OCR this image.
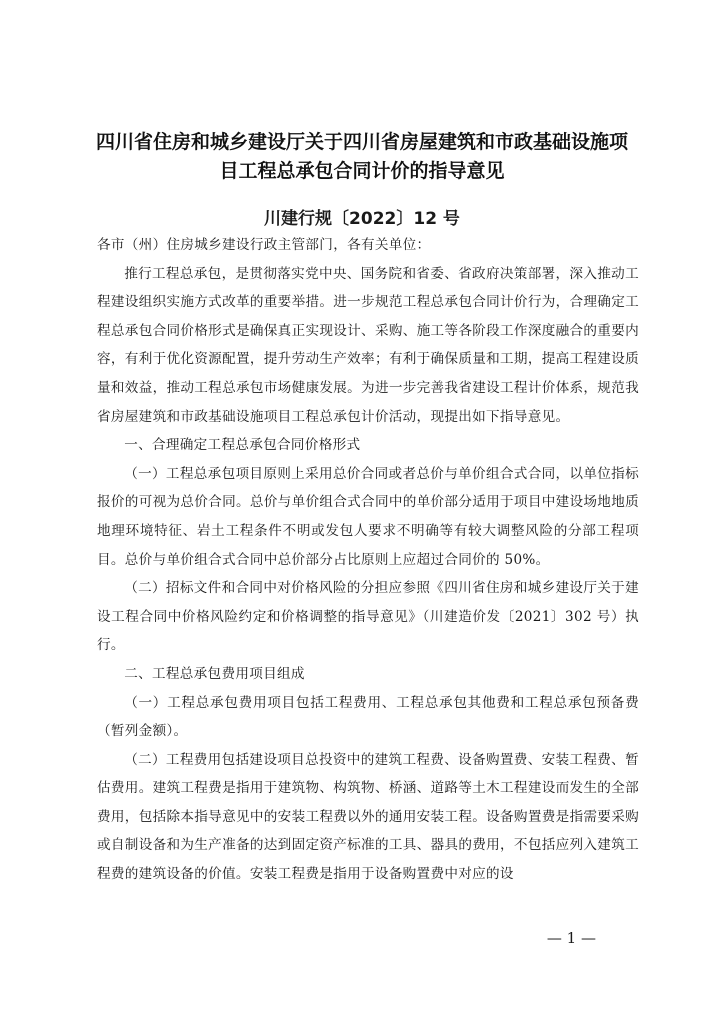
四川省住房和城乡建设厅关于四川省房屋建筑和市政基础设施项
目工程总承包合同计价的指导意见

川建行规〔2022〕12 号

各市（州）住房城乡建设行政主管部门，各有关单位：

推行工程总承包，是贯彻落实党中央、国务院和省委、省政府决策部署，深入推动工程建设组织实施方式改革的重要举措。进一步规范工程总承包合同计价行为，合理确定工程总承包合同价格形式是确保真正实现设计、采购、施工等各阶段工作深度融合的重要内容，有利于优化资源配置，提升劳动生产效率；有利于确保质量和工期，提高工程建设质量和效益，推动工程总承包市场健康发展。为进一步完善我省建设工程计价体系，规范我省房屋建筑和市政基础设施项目工程总承包计价活动，现提出如下指导意见。

一、合理确定工程总承包合同价格形式

（一）工程总承包项目原则上采用总价合同或者总价与单价组合式合同，以单位指标报价的可视为总价合同。总价与单价组合式合同中的单价部分适用于项目中建设场地地质地理环境特征、岩土工程条件不明或发包人要求不明确等有较大调整风险的分部工程项目。总价与单价组合式合同中总价部分占比原则上应超过合同价的 50%。

（二）招标文件和合同中对价格风险的分担应参照《四川省住房和城乡建设厅关于建设工程合同中价格风险约定和价格调整的指导意见》（川建造价发〔2021〕302 号）执行。

二、工程总承包费用项目组成

（一）工程总承包费用项目包括工程费用、工程总承包其他费和工程总承包预备费（暂列金额）。

（二）工程费用包括建设项目总投资中的建筑工程费、设备购置费、安装工程费、暂估费用。建筑工程费是指用于建筑物、构筑物、桥涵、道路等土木工程建设而发生的全部费用，包括除本指导意见中的安装工程费以外的通用安装工程。设备购置费是指需要采购或自制设备和为生产准备的达到固定资产标准的工具、器具的费用，不包括应列入建筑工程费的建筑设备的价值。安装工程费是指用于设备购置费中对应的设

— 1 —
